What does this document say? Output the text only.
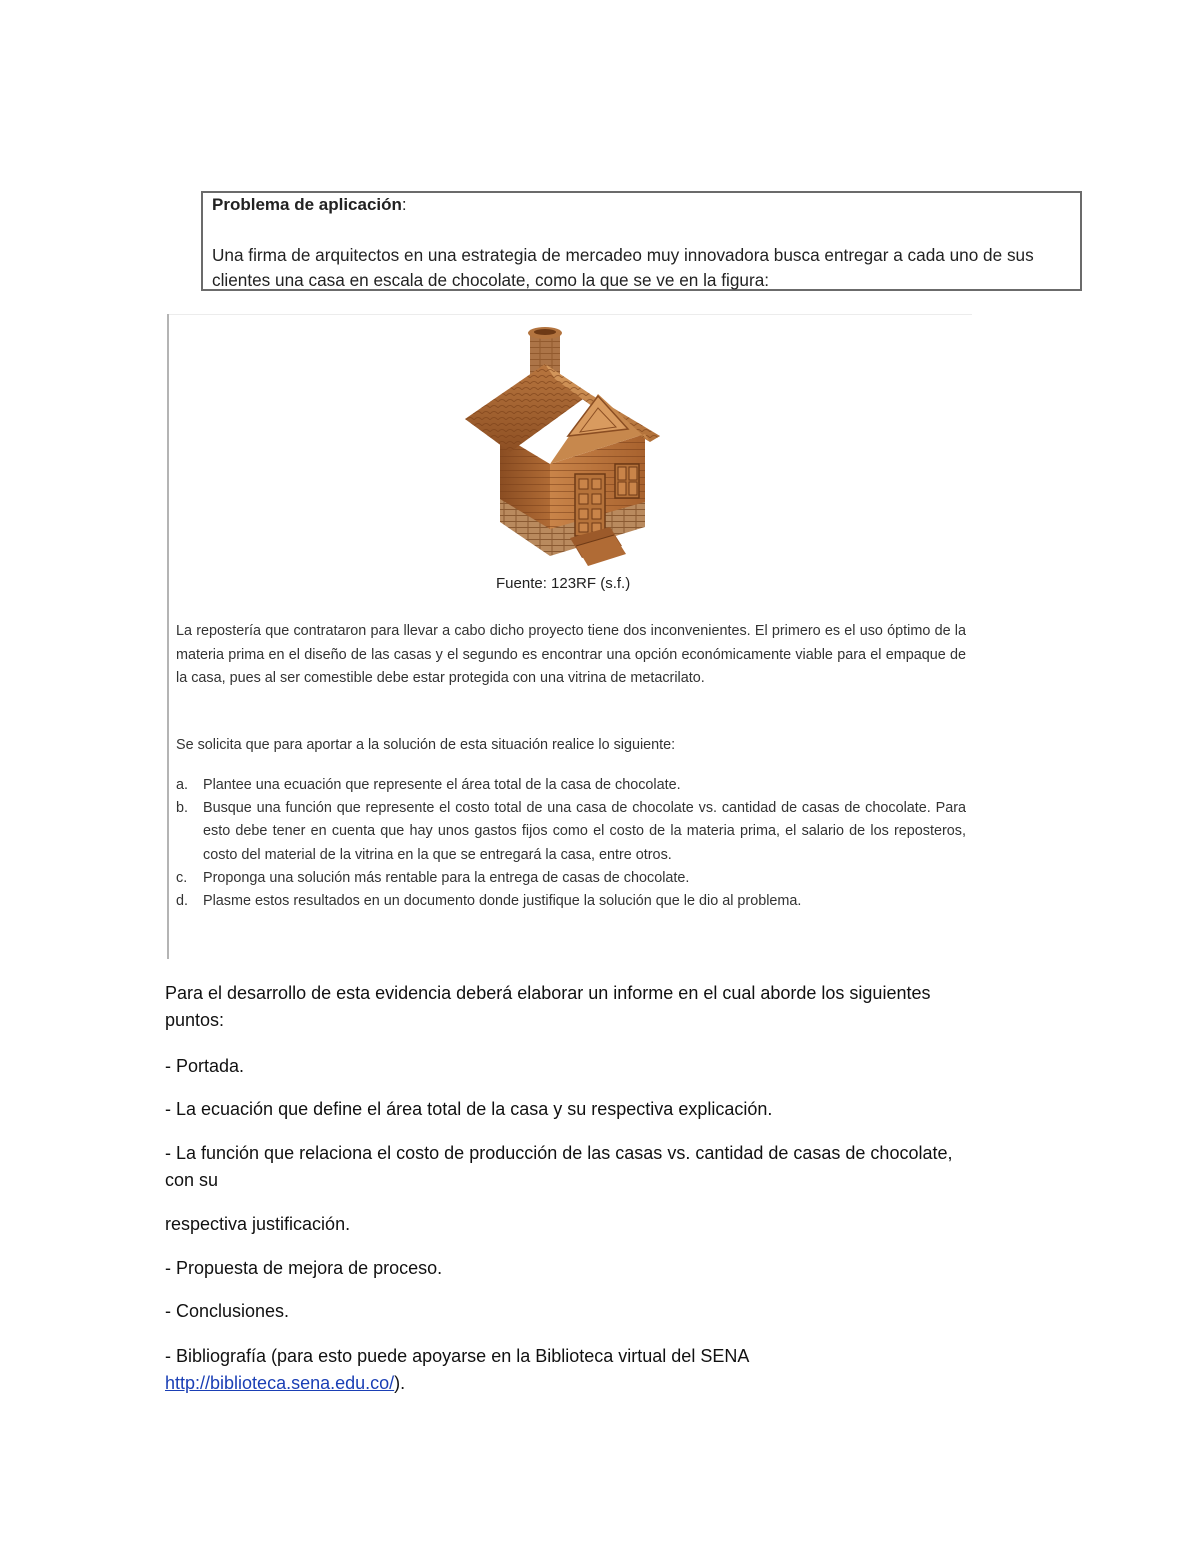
Problema de aplicación:
Una firma de arquitectos en una estrategia de mercadeo muy innovadora busca entregar a cada uno de sus clientes una casa en escala de chocolate, como la que se ve en la figura:
Fuente: 123RF (s.f.)
La repostería que contrataron para llevar a cabo dicho proyecto tiene dos inconvenientes. El primero es el uso óptimo de la materia prima en el diseño de las casas y el segundo es encontrar una opción económicamente viable para el empaque de la casa, pues al ser comestible debe estar protegida con una vitrina de metacrilato.
Se solicita que para aportar a la solución de esta situación realice lo siguiente:
a. Plantee una ecuación que represente el área total de la casa de chocolate.
b. Busque una función que represente el costo total de una casa de chocolate vs. cantidad de casas de chocolate. Para esto debe tener en cuenta que hay unos gastos fijos como el costo de la materia prima, el salario de los reposteros, costo del material de la vitrina en la que se entregará la casa, entre otros.
c. Proponga una solución más rentable para la entrega de casas de chocolate.
d. Plasme estos resultados en un documento donde justifique la solución que le dio al problema.
Para el desarrollo de esta evidencia deberá elaborar un informe en el cual aborde los siguientes
puntos:
- Portada.
- La ecuación que define el área total de la casa y su respectiva explicación.
- La función que relaciona el costo de producción de las casas vs. cantidad de casas de chocolate,
con su
respectiva justificación.
- Propuesta de mejora de proceso.
- Conclusiones.
- Bibliografía (para esto puede apoyarse en la Biblioteca virtual del SENA
http://biblioteca.sena.edu.co/).
